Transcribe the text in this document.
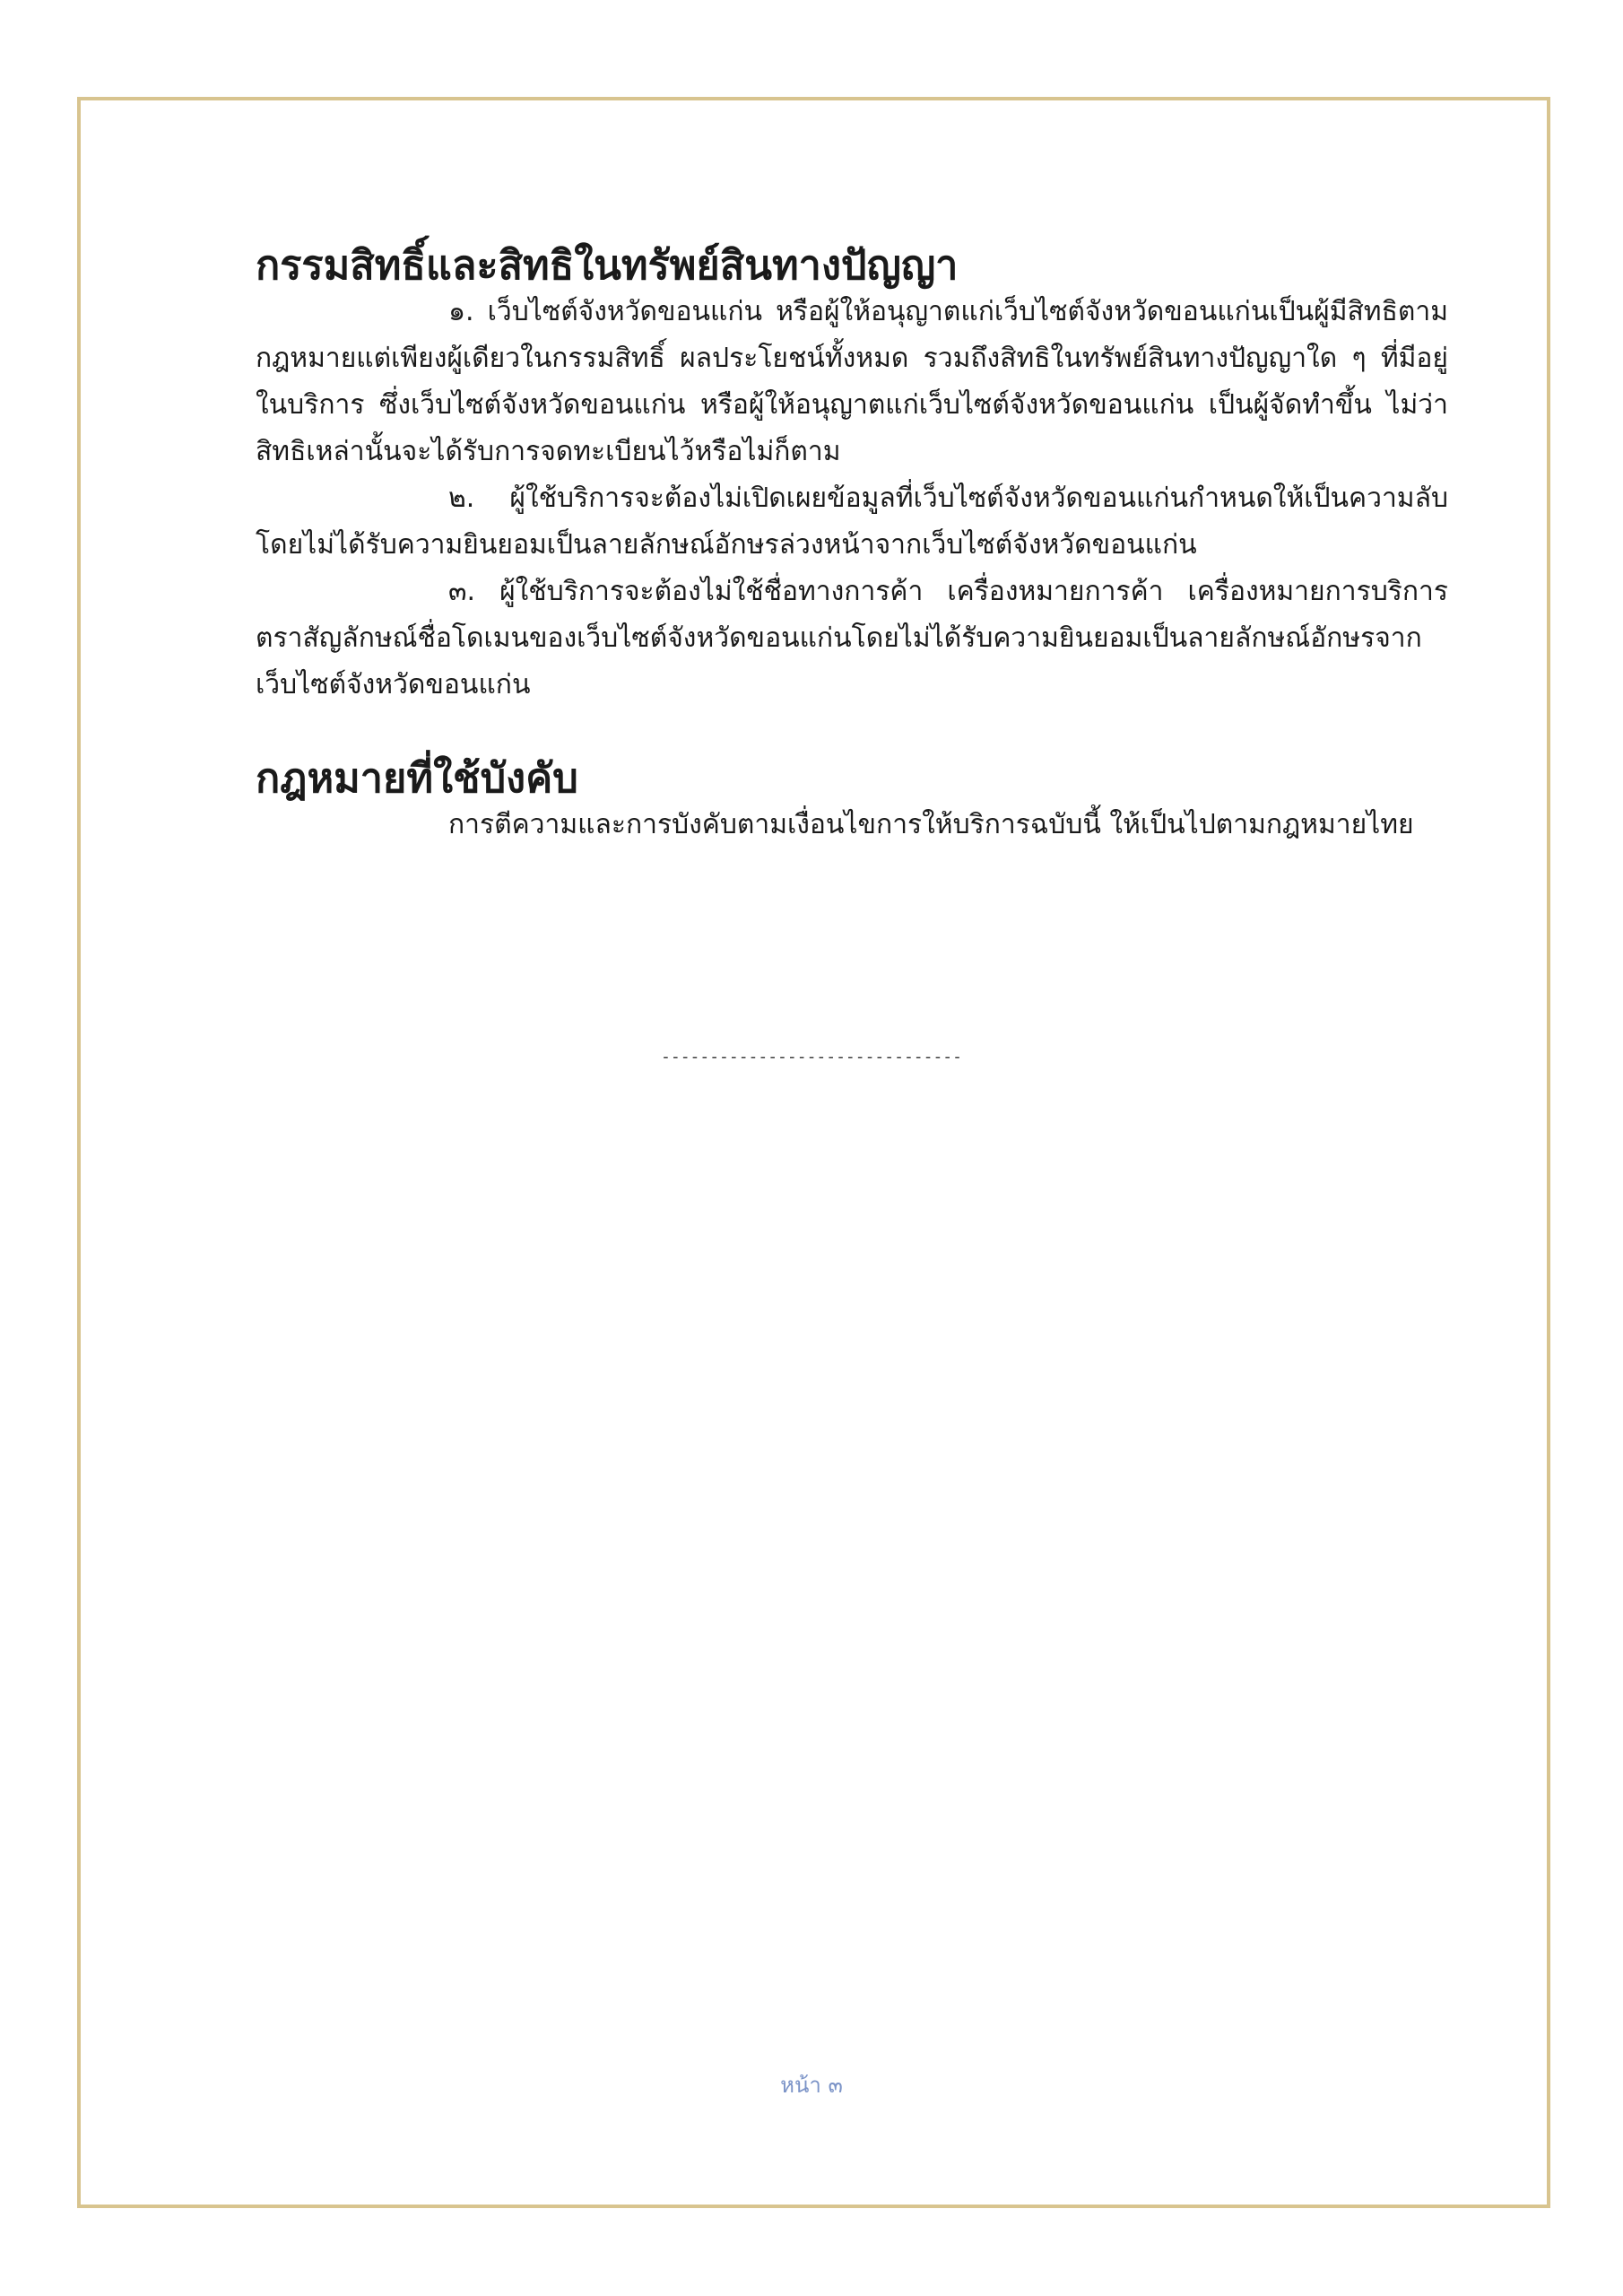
กรรมสิทธิ์และสิทธิในทรัพย์สินทางปัญญา

๑. เว็บไซต์จังหวัดขอนแก่น หรือผู้ให้อนุญาตแก่เว็บไซต์จังหวัดขอนแก่นเป็นผู้มีสิทธิตามกฎหมายแต่เพียงผู้เดียวในกรรมสิทธิ์ ผลประโยชน์ทั้งหมด รวมถึงสิทธิในทรัพย์สินทางปัญญาใด ๆ ที่มีอยู่ในบริการ ซึ่งเว็บไซต์จังหวัดขอนแก่น หรือผู้ให้อนุญาตแก่เว็บไซต์จังหวัดขอนแก่น เป็นผู้จัดทำขึ้น ไม่ว่าสิทธิเหล่านั้นจะได้รับการจดทะเบียนไว้หรือไม่ก็ตาม

๒. ผู้ใช้บริการจะต้องไม่เปิดเผยข้อมูลที่เว็บไซต์จังหวัดขอนแก่นกำหนดให้เป็นความลับโดยไม่ได้รับความยินยอมเป็นลายลักษณ์อักษรล่วงหน้าจากเว็บไซต์จังหวัดขอนแก่น

๓. ผู้ใช้บริการจะต้องไม่ใช้ชื่อทางการค้า เครื่องหมายการค้า เครื่องหมายการบริการ ตราสัญลักษณ์ชื่อโดเมนของเว็บไซต์จังหวัดขอนแก่นโดยไม่ได้รับความยินยอมเป็นลายลักษณ์อักษรจากเว็บไซต์จังหวัดขอนแก่น

กฎหมายที่ใช้บังคับ

การตีความและการบังคับตามเงื่อนไขการให้บริการฉบับนี้ ให้เป็นไปตามกฎหมายไทย

-------------------------------
หน้า ๓
